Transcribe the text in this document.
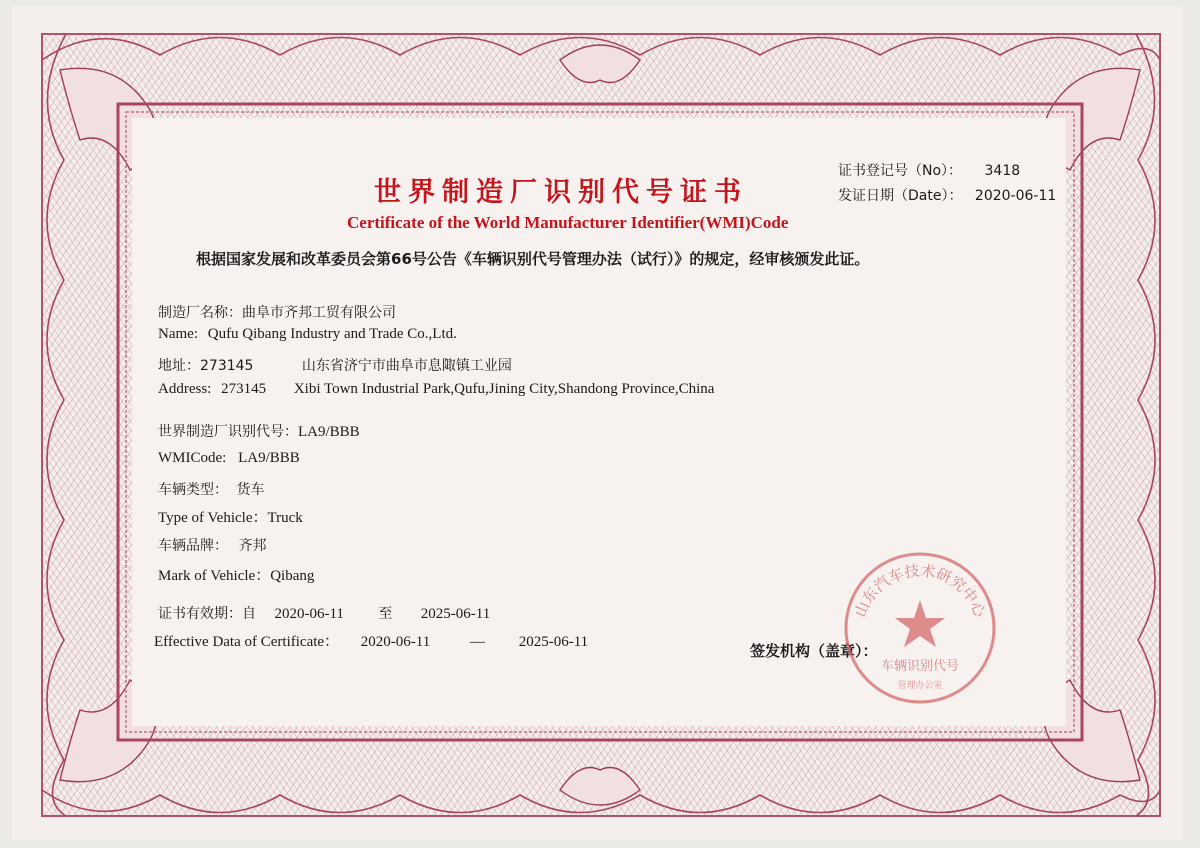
证书登记号（No）： 3418
发证日期（Date）： 2020-06-11
世界制造厂识别代号证书
Certificate of the World Manufacturer Identifier(WMI)Code
根据国家发展和改革委员会第66号公告《车辆识别代号管理办法（试行）》的规定，经审核颁发此证。
制造厂名称：曲阜市齐邦工贸有限公司
Name: Qufu Qibang Industry and Trade Co.,Ltd.
地址：273145	山东省济宁市曲阜市息陬镇工业园
Address: 273145 Xibi Town Industrial Park,Qufu,Jining City,Shandong Province,China
世界制造厂识别代号：LA9/BBB
WMICode: LA9/BBB
车辆类型： 货车
Type of Vehicle：Truck
车辆品牌： 齐邦
Mark of Vehicle：Qibang
证书有效期：自 2020-06-11 至 2025-06-11
Effective Data of Certificate： 2020-06-11	— 2025-06-11	签发机构（盖章）：
山东汽车技术研究中心
车辆识别代号
管理办公室
